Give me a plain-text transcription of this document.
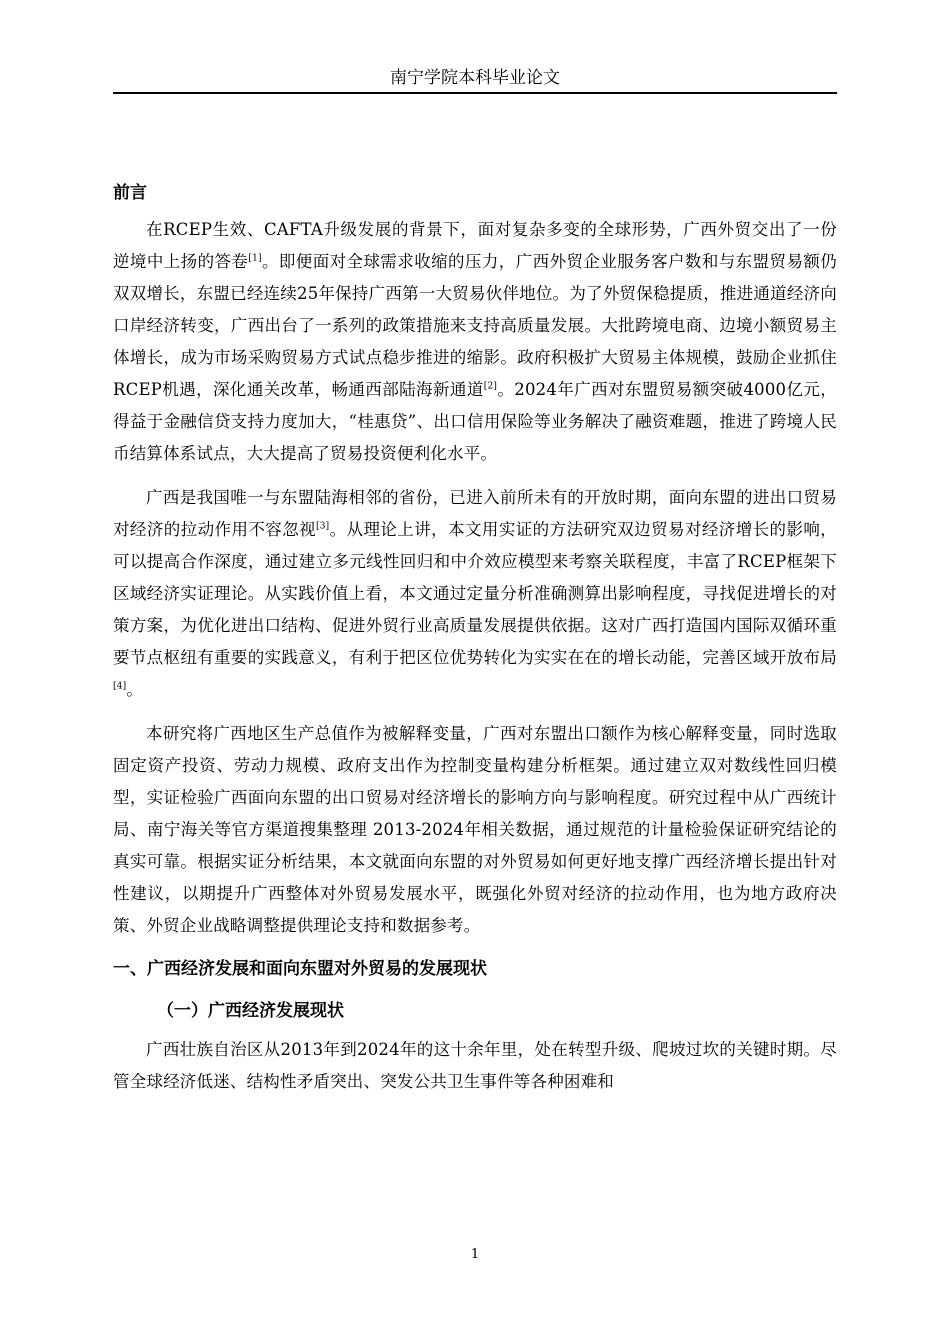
南宁学院本科毕业论文
前言

在RCEP生效、CAFTA升级发展的背景下，面对复杂多变的全球形势，广西外贸交出了一份逆境中上扬的答卷[1]。即便面对全球需求收缩的压力，广西外贸企业服务客户数和与东盟贸易额仍双双增长，东盟已经连续25年保持广西第一大贸易伙伴地位。为了外贸保稳提质，推进通道经济向口岸经济转变，广西出台了一系列的政策措施来支持高质量发展。大批跨境电商、边境小额贸易主体增长，成为市场采购贸易方式试点稳步推进的缩影。政府积极扩大贸易主体规模，鼓励企业抓住RCEP机遇，深化通关改革，畅通西部陆海新通道[2]。2024年广西对东盟贸易额突破4000亿元，得益于金融信贷支持力度加大，“桂惠贷”、出口信用保险等业务解决了融资难题，推进了跨境人民币结算体系试点，大大提高了贸易投资便利化水平。

广西是我国唯一与东盟陆海相邻的省份，已进入前所未有的开放时期，面向东盟的进出口贸易对经济的拉动作用不容忽视[3]。从理论上讲，本文用实证的方法研究双边贸易对经济增长的影响，可以提高合作深度，通过建立多元线性回归和中介效应模型来考察关联程度，丰富了RCEP框架下区域经济实证理论。从实践价值上看，本文通过定量分析准确测算出影响程度，寻找促进增长的对策方案，为优化进出口结构、促进外贸行业高质量发展提供依据。这对广西打造国内国际双循环重要节点枢纽有重要的实践意义，有利于把区位优势转化为实实在在的增长动能，完善区域开放布局[4]。

本研究将广西地区生产总值作为被解释变量，广西对东盟出口额作为核心解释变量，同时选取固定资产投资、劳动力规模、政府支出作为控制变量构建分析框架。通过建立双对数线性回归模型，实证检验广西面向东盟的出口贸易对经济增长的影响方向与影响程度。研究过程中从广西统计局、南宁海关等官方渠道搜集整理 2013-2024年相关数据，通过规范的计量检验保证研究结论的真实可靠。根据实证分析结果，本文就面向东盟的对外贸易如何更好地支撑广西经济增长提出针对性建议，以期提升广西整体对外贸易发展水平，既强化外贸对经济的拉动作用，也为地方政府决策、外贸企业战略调整提供理论支持和数据参考。

一、广西经济发展和面向东盟对外贸易的发展现状
（一）广西经济发展现状

广西壮族自治区从2013年到2024年的这十余年里，处在转型升级、爬坡过坎的关键时期。尽管全球经济低迷、结构性矛盾突出、突发公共卫生事件等各种困难和

1
